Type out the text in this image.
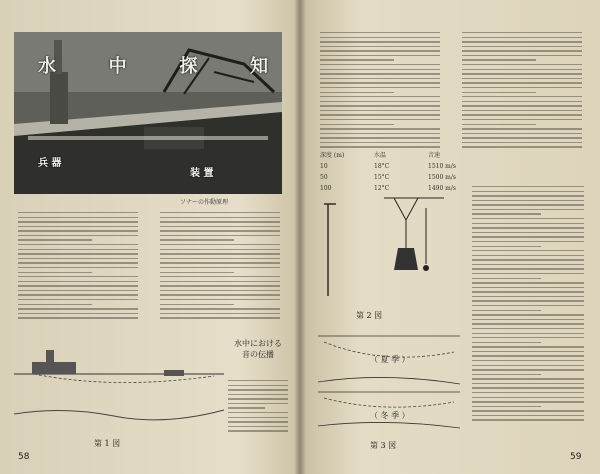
水	中	探	知
兵 器
装 置
ソナーの作動原理
水中における
音の伝播
第 1 図
58
深度 (m)	水温	音速
10	18°C	1510 m/s
50	15°C	1500 m/s
100	12°C	1490 m/s
第 2 図
（ 夏 季 ）
（ 冬 季 ）
第 3 図
59
